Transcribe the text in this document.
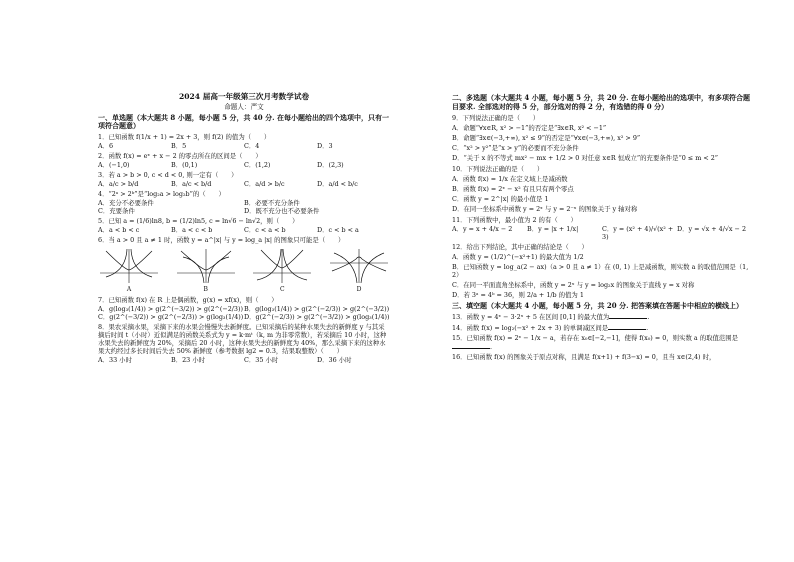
2024 届高一年级第三次月考数学试卷
命题人：严文
一、单选题（本大题共 8 小题，每小题 5 分，共 40 分. 在每小题给出的四个选项中，只有一项符合题意）
1．已知函数 f(1/x + 1) = 2x + 3，则 f(2) 的值为（　　）
A．6	B．5	C．4	D．3
2．函数 f(x) = eˣ + x − 2 的零点所在的区间是（　　）
A．(−1,0)	B．(0,1)	C．(1,2)	D．(2,3)
3．若 a > b > 0, c < d < 0, 则一定有（　　）
A．a/c > b/d	B．a/c < b/d	C．a/d > b/c	D．a/d < b/c
4．“2ᵃ > 2ᵇ”是“log₂a > log₂b”的（　　）
A．充分不必要条件	B．必要不充分条件
C．充要条件	D．既不充分也不必要条件
5．已知 a = (1/6)ln8, b = (1/2)ln5, c = ln√6 − ln√2，则（　　）
A．a < b < c	B．a < c < b	C．c < a < b	D．c < b < a
6．当 a > 0 且 a ≠ 1 时，函数 y = a^|x| 与 y = log_a |x| 的图象只可能是（　　）
A	B	C	D
7．已知函数 f(x) 在 R 上是偶函数，g(x) = xf(x)，则（　　）
A．g(log₃(1/4)) > g(2^(−3/2)) > g(2^(−2/3)) B．g(log₃(1/4)) > g(2^(−2/3)) > g(2^(−3/2))
C．g(2^(−3/2)) > g(2^(−2/3)) > g(log₃(1/4)) D．g(2^(−2/3)) > g(2^(−3/2)) > g(log₃(1/4))
8．果农采摘水果，采摘下来的水果会慢慢失去新鲜度。已知采摘后的某种水果失去的新鲜度 y 与其采摘后时间 t（小时）近似满足的函数关系式为 y = k·mᵗ（k, m 为非零常数），若采摘后 10 小时，这种水果失去的新鲜度为 20%，采摘后 20 小时，这种水果失去的新鲜度为 40%，那么采摘下来的这种水果大约经过多长时间后失去 50% 新鲜度（参考数据 lg2 ≈ 0.3，结果取整数）（　　）
A．33 小时	B．23 小时	C．35 小时	D．36 小时
二、多选题（本大题共 4 小题，每小题 5 分，共 20 分. 在每小题给出的选项中，有多项符合题目要求. 全部选对的得 5 分，部分选对的得 2 分，有选错的得 0 分）
9．下列说法正确的是（　　）
A．命题“∀x∈R, x² > −1”的否定是“∃x∈R, x² < −1”
B．命题“∃x∈(−3,+∞), x² ≤ 9”的否定是“∀x∈(−3,+∞), x² > 9”
C．“x² > y²”是“x > y”的必要而不充分条件
D．“关于 x 的不等式 mx² − mx + 1/2 > 0 对任意 x∈R 恒成立”的充要条件是“0 ≤ m < 2”
10．下列说法正确的是（　　）
A．函数 f(x) = 1/x 在定义域上是减函数
B．函数 f(x) = 2ˣ − x² 有且只有两个零点
C．函数 y = 2^|x| 的最小值是 1
D．在同一坐标系中函数 y = 2ˣ 与 y = 2⁻ˣ 的图象关于 y 轴对称
11．下列函数中，最小值为 2 的有（　　）
A．y = x + 4/x − 2	B．y = |x + 1/x|	C．y = (x² + 4)/√(x² + 3)
D．y = √x + 4/√x − 2
12．给出下列结论，其中正确的结论是（　　）
A．函数 y = (1/2)^(−x²+1) 的最大值为 1/2
B．已知函数 y = log_a(2 − ax)（a > 0 且 a ≠ 1）在 (0, 1) 上是减函数，则实数 a 的取值范围是（1, 2）
C．在同一平面直角坐标系中，函数 y = 2ˣ 与 y = log₂x 的图象关于直线 y = x 对称
D．若 3ᵃ = 4ᵇ = 36，则 2/a + 1/b 的值为 1
三、填空题（本大题共 4 小题，每小题 5 分，共 20 分. 把答案填在答题卡中相应的横线上）
13．函数 y = 4ˣ − 3·2ˣ + 5 在区间 [0,1] 的最大值为	.
14．函数 f(x) = log₂(−x² + 2x + 3) 的单调减区间是	.
15．已知函数 f(x) = 2ˣ − 1/x − a，若存在 x₀∈[−2,−1]，使得 f(x₀) = 0，则实数 a 的取值范围是.
16．已知函数 f(x) 的图象关于原点对称，且满足 f(x+1) + f(3−x) = 0，且当 x∈(2,4) 时，
